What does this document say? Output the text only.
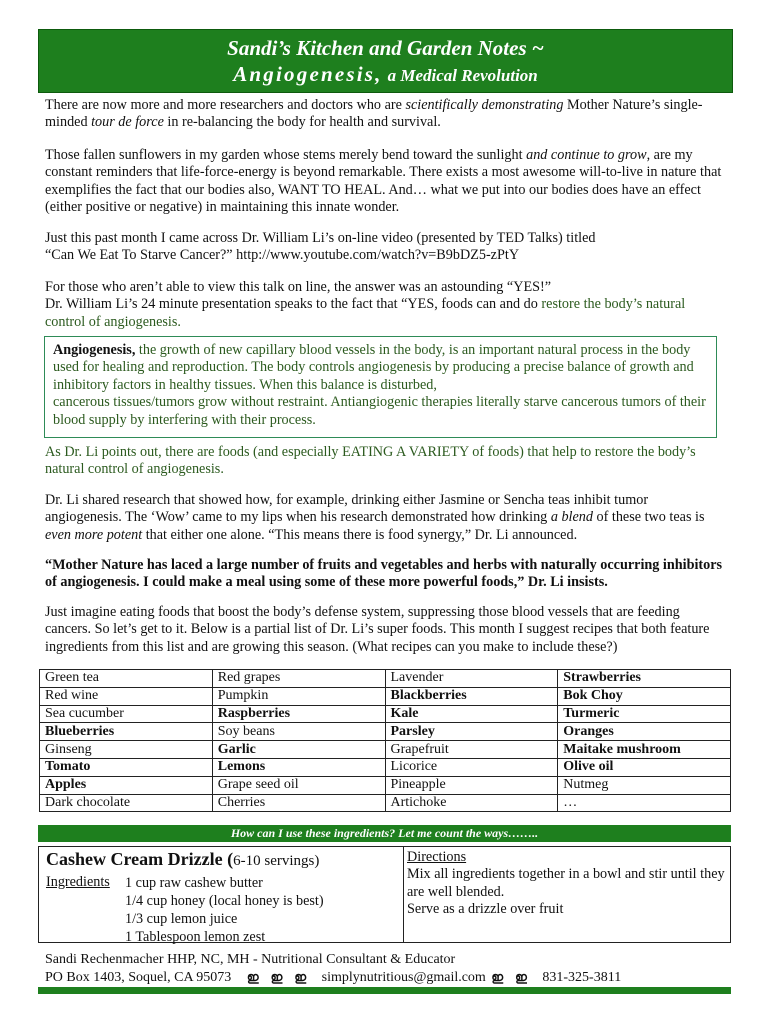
Sandi’s Kitchen and Garden Notes ~
Angiogenesis, a Medical Revolution

There are now more and more researchers and doctors who are scientifically demonstrating Mother Nature’s single-minded tour de force in re-balancing the body for health and survival.

Those fallen sunflowers in my garden whose stems merely bend toward the sunlight and continue to grow, are my constant reminders that life-force-energy is beyond remarkable. There exists a most awesome will-to-live in nature that exemplifies the fact that our bodies also, WANT TO HEAL. And… what we put into our bodies does have an effect (either positive or negative) in maintaining this innate wonder.

Just this past month I came across Dr. William Li’s on-line video (presented by TED Talks) titled

“Can We Eat To Starve Cancer?” http://www.youtube.com/watch?v=B9bDZ5-zPtY

For those who aren’t able to view this talk on line, the answer was an astounding “YES!”

Dr. William Li’s 24 minute presentation speaks to the fact that “YES, foods can and do restore the body’s natural control of angiogenesis.

Angiogenesis, the growth of new capillary blood vessels in the body, is an important natural process in the body used for healing and reproduction. The body controls angiogenesis by producing a precise balance of growth and inhibitory factors in healthy tissues. When this balance is disturbed,
cancerous tissues/tumors grow without restraint. Antiangiogenic therapies literally starve cancerous tumors of their blood supply by interfering with their process.
As Dr. Li points out, there are foods (and especially EATING A VARIETY of foods) that help to restore the body’s natural control of angiogenesis.

Dr. Li shared research that showed how, for example, drinking either Jasmine or Sencha teas inhibit tumor angiogenesis. The ‘Wow’ came to my lips when his research demonstrated how drinking a blend of these two teas is even more potent that either one alone. “This means there is food synergy,” Dr. Li announced.

“Mother Nature has laced a large number of fruits and vegetables and herbs with naturally occurring inhibitors of angiogenesis. I could make a meal using some of these more powerful foods,” Dr. Li insists.
Just imagine eating foods that boost the body’s defense system, suppressing those blood vessels that are feeding cancers. So let’s get to it. Below is a partial list of Dr. Li’s super foods. This month I suggest recipes that both feature ingredients from this list and are growing this season. (What recipes can you make to include these?)
Green tea	Red grapes	Lavender	Strawberries
Red wine	Pumpkin	Blackberries	Bok Choy
Sea cucumber	Raspberries	Kale	Turmeric
Blueberries	Soy beans	Parsley	Oranges
Ginseng	Garlic	Grapefruit	Maitake mushroom
Tomato	Lemons	Licorice	Olive oil
Apples	Grape seed oil	Pineapple	Nutmeg
Dark chocolate	Cherries	Artichoke	…
How can I use these ingredients? Let me count the ways……..
Cashew Cream Drizzle (6-10 servings)
Ingredients 1 cup raw cashew butter
1/4 cup honey (local honey is best)
1/3 cup lemon juice
1 Tablespoon lemon zest
Directions
Mix all ingredients together in a bowl and stir until they are well blended.
Serve as a drizzle over fruit
Sandi Rechenmacher HHP, NC, MH - Nutritional Consultant & Educator
PO Box 1403, Soquel, CA 95073 ഇ ഇ ഇ simplynutritious@gmail.com ഇ ഇ 831-325-3811
